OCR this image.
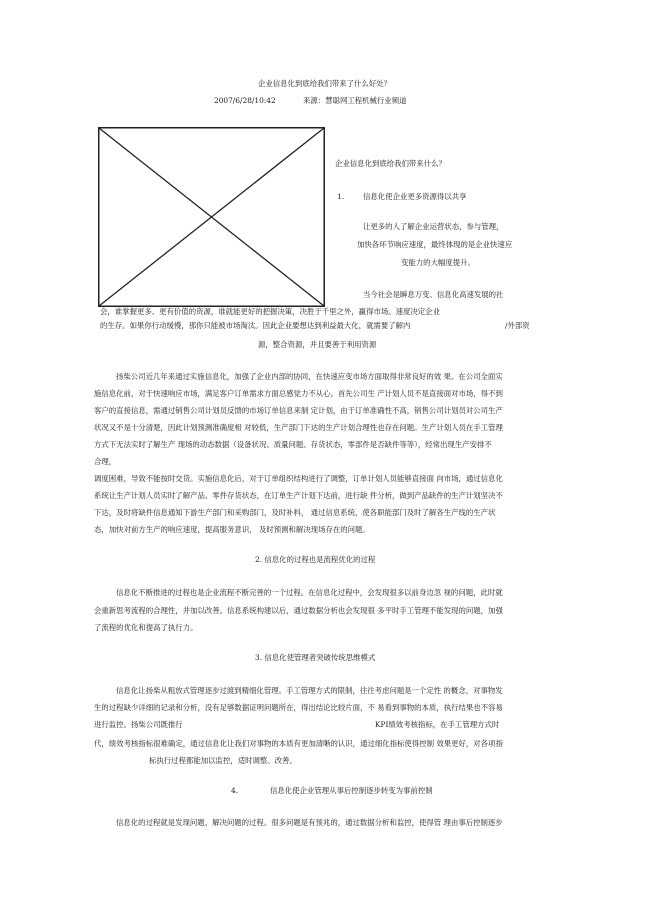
企业信息化到底给我们带来了什么好处？
2007/6/28/10:42	来源：慧聪网工程机械行业频道
企业信息化到底给我们带来什么？
1.	信息化使企业更多资源得以共享
让更多的人了解企业运营状态，参与管理，
加快各环节响应速度，最终体现的是企业快速应
变能力的大幅度提升。
当今社会是瞬息万变、信息化高速发展的社
会，谁掌握更多、更有价值的资源，谁就能更好的把握决策，决胜于千里之外，赢得市场。速度决定企业
的生存。如果你行动缓慢，那你只能被市场淘汰。因此企业要想达到利益最大化，就需要了解内	/外部资
源，整合资源，并且要善于利用资源
扬柴公司近几年来通过实施信息化，加强了企业内部的协同，在快速应变市场方面取得非常良好的效 果。在公司全面实
施信息化前，对于快速响应市场，满足客户订单需求方面总感觉力不从心。首先公司生 产计划人员不是直接面对市场，得不到
客户的直接信息，需通过销售公司计划员反馈的市场订单信息来制 定计划，由于订单准确性不高，销售公司计划员对公司生产
状况又不是十分清楚，因此计划预测准确度相 对较低，生产部门下达的生产计划合理性也存在问题。生产计划人员在手工管理
方式下无法实时了解生产 现场的动态数据（设备状况、质量问题、存货状态，零部件是否缺件等等），经常出现生产安排不
合理，
调度困难，导致不能按时交货。实施信息化后，对于订单组织结构进行了调整，订单计划人员能够直接面 向市场，通过信息化
系统让生产计划人员实时了解产品、零件存货状态，在订单生产计划下达前，进行缺 件分析，做到产品缺件的生产计划坚决不
下达，及时将缺件信息通知下游生产部门和采购部门，及时补料， 通过信息系统，使各职能部门及时了解各生产线的生产状
态，加快对前方生产的响应速度，提高服务意识， 及时预测和解决现场存在的问题。
2. 信息化的过程也是流程优化的过程
信息化不断推进的过程也是企业流程不断完善的一个过程。在信息化过程中，会发现很多以前身边忽 视的问题，此时就
会重新思考流程的合理性，并加以改善。信息系统构建以后，通过数据分析也会发现很 多平时手工管理不能发现的问题，加强
了流程的优化和提高了执行力。
3. 信息化使管理者突破传统思维模式
信息化让扬柴从粗放式管理逐步过渡到精细化管理。手工管理方式的限制，往往考虑问题是一个定性 的概念，对事物发
生的过程缺少详细的记录和分析，没有足够数据证明问题所在，得出结论比较片面，不 易看到事物的本质，执行结果也不容易
进行监控。扬柴公司既推行	KPI绩效考核指标，在手工管理方式时
代，绩效考核指标很难确定，通过信息化让我们对事物的本质有更加清晰的认识，通过细化指标使得控制 效果更好，对各项指
标执行过程都能加以监控，适时调整、改善。
4.	信息化使企业管理从事后控制逐步转变为事前控制
信息化的过程就是发现问题、解决问题的过程。很多问题是有预兆的，通过数据分析和监控，使得管 理由事后控制逐步
